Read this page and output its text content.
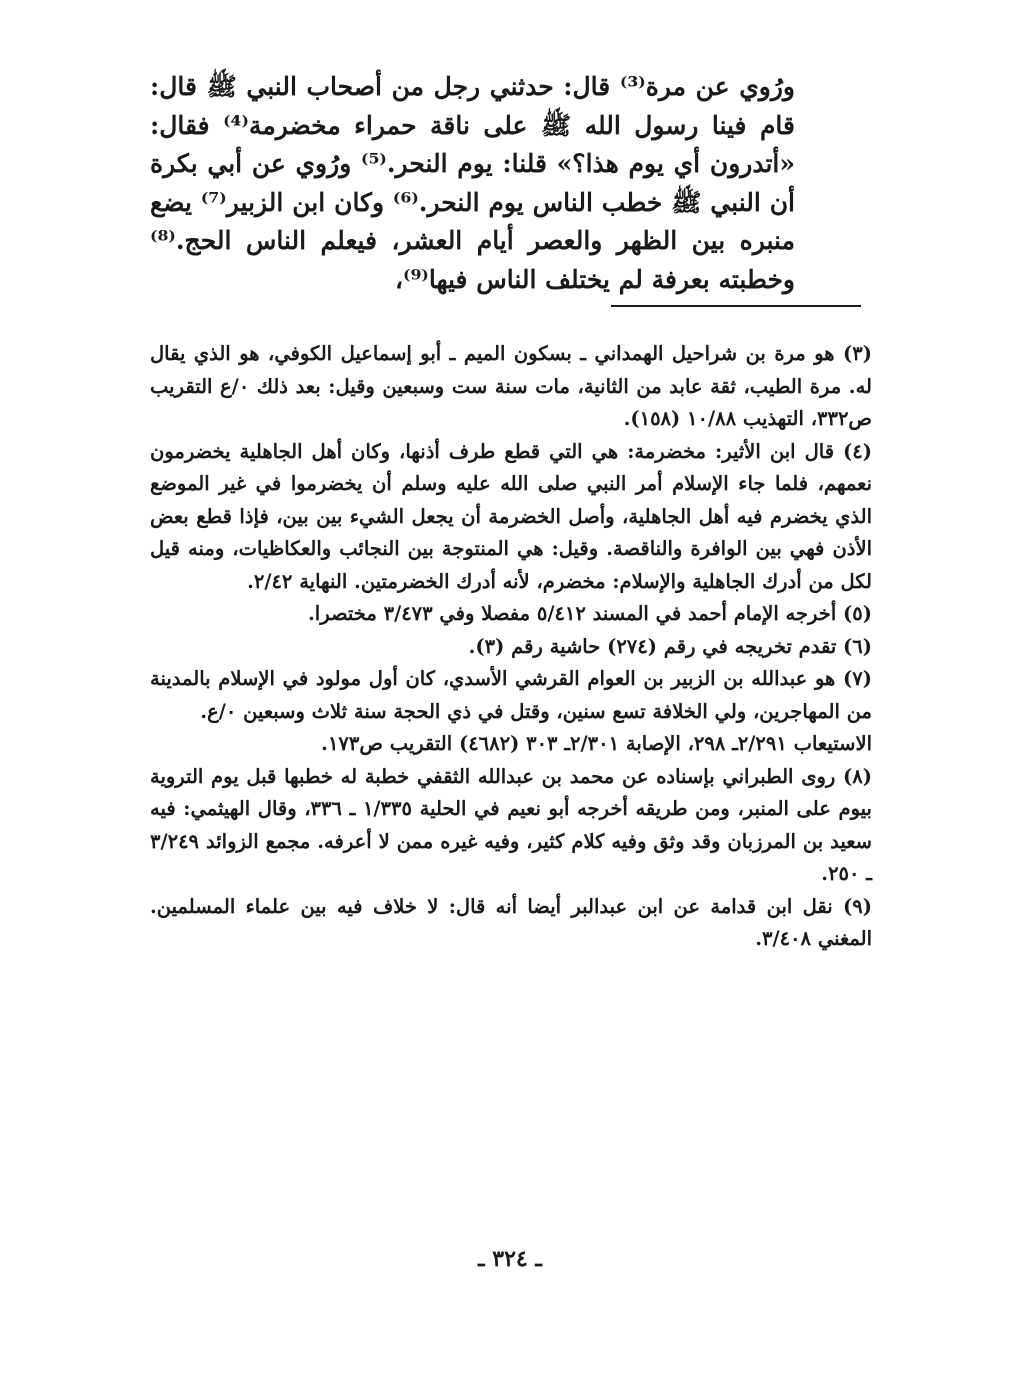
ورُوي عن مرة⁽³⁾ قال: حدثني رجل من أصحاب النبي ﷺ قال: قام فينا رسول الله ﷺ على ناقة حمراء مخضرمة⁽⁴⁾ فقال: «أتدرون أي يوم هذا؟» قلنا: يوم النحر.⁽⁵⁾ ورُوي عن أبي بكرة أن النبي ﷺ خطب الناس يوم النحر.⁽⁶⁾ وكان ابن الزبير⁽⁷⁾ يضع منبره بين الظهر والعصر أيام العشر، فيعلم الناس الحج.⁽⁸⁾ وخطبته بعرفة لم يختلف الناس فيها⁽⁹⁾،

(٣) هو مرة بن شراحيل الهمداني ـ بسكون الميم ـ أبو إسماعيل الكوفي، هو الذي يقال له. مرة الطيب، ثقة عابد من الثانية، مات سنة ست وسبعين وقيل: بعد ذلك ٠/ع التقريب ص٣٣٢، التهذيب ١٠/٨٨ (١٥٨).

(٤) قال ابن الأثير: مخضرمة: هي التي قطع طرف أذنها، وكان أهل الجاهلية يخضرمون نعمهم، فلما جاء الإسلام أمر النبي صلى الله عليه وسلم أن يخضرموا في غير الموضع الذي يخضرم فيه أهل الجاهلية، وأصل الخضرمة أن يجعل الشيء بين بين، فإذا قطع بعض الأذن فهي بين الوافرة والناقصة. وقيل: هي المنتوجة بين النجائب والعكاظيات، ومنه قيل لكل من أدرك الجاهلية والإسلام: مخضرم، لأنه أدرك الخضرمتين. النهاية ٢/٤٢.

(٥) أخرجه الإمام أحمد في المسند ٥/٤١٢ مفصلا وفي ٣/٤٧٣ مختصرا.

(٦) تقدم تخريجه في رقم (٢٧٤) حاشية رقم (٣).

(٧) هو عبدالله بن الزبير بن العوام القرشي الأسدي، كان أول مولود في الإسلام بالمدينة من المهاجرين، ولي الخلافة تسع سنين، وقتل في ذي الحجة سنة ثلاث وسبعين ٠/ع.

الاستيعاب ٢/٢٩١ـ ٢٩٨، الإصابة ٢/٣٠١ـ ٣٠٣ (٤٦٨٢) التقريب ص١٧٣.

(٨) روى الطبراني بإسناده عن محمد بن عبدالله الثقفي خطبة له خطبها قبل يوم التروية بيوم على المنبر، ومن طريقه أخرجه أبو نعيم في الحلية ١/٣٣٥ ـ ٣٣٦، وقال الهيثمي: فيه سعيد بن المرزبان وقد وثق وفيه كلام كثير، وفيه غيره ممن لا أعرفه. مجمع الزوائد ٣/٢٤٩ ـ ٢٥٠.

(٩) نقل ابن قدامة عن ابن عبدالبر أيضا أنه قال: لا خلاف فيه بين علماء المسلمين. المغني ٣/٤٠٨.

ـ ٣٢٤ ـ
